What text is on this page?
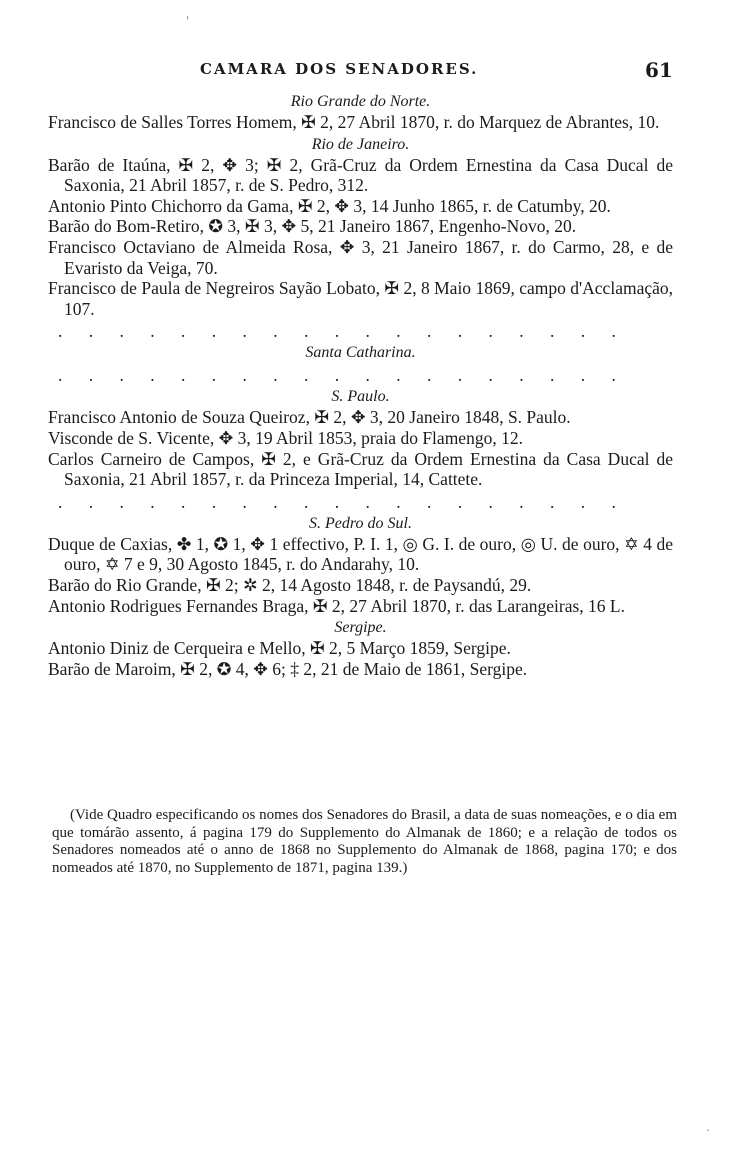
CAMARA DOS SENADORES.	61
Rio Grande do Norte.

Francisco de Salles Torres Homem, ✠ 2, 27 Abril 1870, r. do Marquez de Abrantes, 10.

Rio de Janeiro.

Barão de Itaúna, ✠ 2, ✥ 3; ✠ 2, Grã-Cruz da Ordem Ernestina da Casa Ducal de Saxonia, 21 Abril 1857, r. de S. Pedro, 312.

Antonio Pinto Chichorro da Gama, ✠ 2, ✥ 3, 14 Junho 1865, r. de Catumby, 20.

Barão do Bom-Retiro, ✪ 3, ✠ 3, ✥ 5, 21 Janeiro 1867, Engenho-Novo, 20.

Francisco Octaviano de Almeida Rosa, ✥ 3, 21 Janeiro 1867, r. do Carmo, 28, e de Evaristo da Veiga, 70.

Francisco de Paula de Negreiros Sayão Lobato, ✠ 2, 8 Maio 1869, campo d'Acclamação, 107.

. . . . . . . . . . . . . . . . . . .
Santa Catharina.
. . . . . . . . . . . . . . . . . . .
S. Paulo.

Francisco Antonio de Souza Queiroz, ✠ 2, ✥ 3, 20 Janeiro 1848, S. Paulo.

Visconde de S. Vicente, ✥ 3, 19 Abril 1853, praia do Flamengo, 12.

Carlos Carneiro de Campos, ✠ 2, e Grã-Cruz da Ordem Ernestina da Casa Ducal de Saxonia, 21 Abril 1857, r. da Princeza Imperial, 14, Cattete.

. . . . . . . . . . . . . . . . . . .
S. Pedro do Sul.

Duque de Caxias, ✤ 1, ✪ 1, ✥ 1 effectivo, P. I. 1, ◎ G. I. de ouro, ◎ U. de ouro, ✡ 4 de ouro, ✡ 7 e 9, 30 Agosto 1845, r. do Andarahy, 10.

Barão do Rio Grande, ✠ 2; ✲ 2, 14 Agosto 1848, r. de Paysandú, 29.

Antonio Rodrigues Fernandes Braga, ✠ 2, 27 Abril 1870, r. das Larangeiras, 16 L.

Sergipe.

Antonio Diniz de Cerqueira e Mello, ✠ 2, 5 Março 1859, Sergipe.

Barão de Maroim, ✠ 2, ✪ 4, ✥ 6; ‡ 2, 21 de Maio de 1861, Sergipe.

(Vide Quadro especificando os nomes dos Senadores do Brasil, a data de suas nomeações, e o dia em que tomárão assento, á pagina 179 do Supplemento do Almanak de 1860; e a relação de todos os Senadores nomeados até o anno de 1868 no Supplemento do Almanak de 1868, pagina 170; e dos nomeados até 1870, no Supplemento de 1871, pagina 139.)

'
.
